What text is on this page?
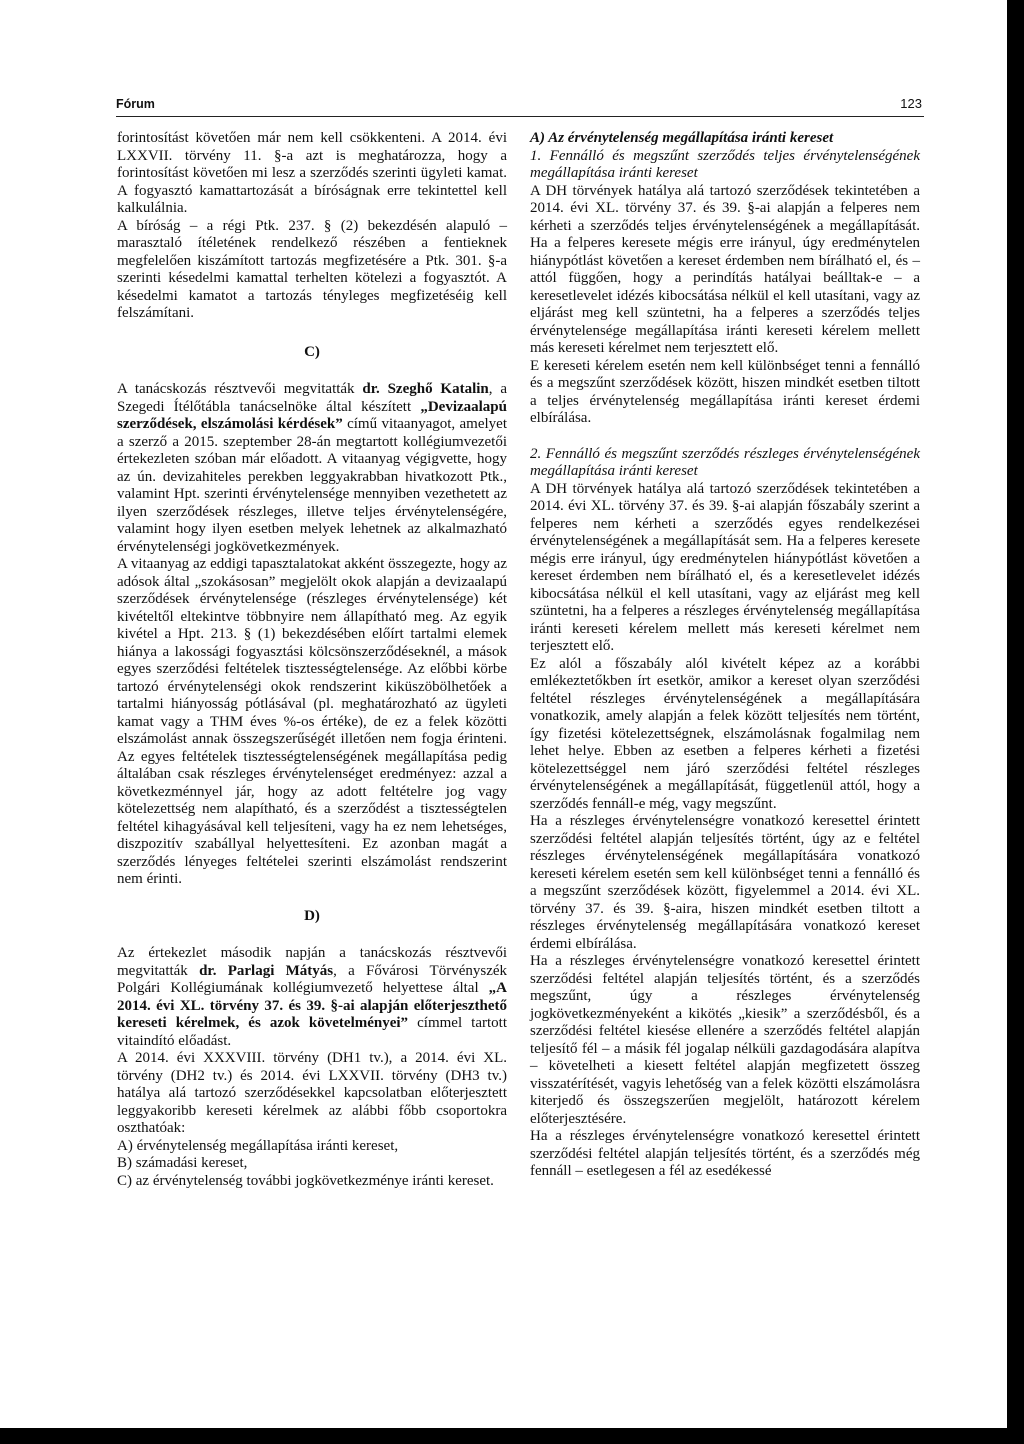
Fórum	123

forintosítást követően már nem kell csökkenteni. A 2014. évi LXXVII. törvény 11. §-a azt is meghatározza, hogy a forintosítást követően mi lesz a szerződés szerinti ügyleti kamat. A fogyasztó kamattartozását a bíróságnak erre tekintettel kell kalkulálnia.

A bíróság – a régi Ptk. 237. § (2) bekezdésén alapuló – marasztaló ítéletének rendelkező részében a fentieknek megfelelően kiszámított tartozás megfizetésére a Ptk. 301. §-a szerinti késedelmi kamattal terhelten kötelezi a fogyasztót. A késedelmi kamatot a tartozás tényleges megfizetéséig kell felszámítani.

C)

A tanácskozás résztvevői megvitatták dr. Szeghő Katalin, a Szegedi Ítélőtábla tanácselnöke által készített „Devizaalapú szerződések, elszámolási kérdések” című vitaanyagot, amelyet a szerző a 2015. szeptember 28-án megtartott kollégiumvezetői értekezleten szóban már előadott. A vitaanyag végigvette, hogy az ún. devizahiteles perekben leggyakrabban hivatkozott Ptk., valamint Hpt. szerinti érvénytelensége mennyiben vezethetett az ilyen szerződések részleges, illetve teljes érvénytelenségére, valamint hogy ilyen esetben melyek lehetnek az alkalmazható érvénytelenségi jogkövetkezmények.

A vitaanyag az eddigi tapasztalatokat akként összegezte, hogy az adósok által „szokásosan” megjelölt okok alapján a devizaalapú szerződések érvénytelensége (részleges érvénytelensége) két kivételtől eltekintve többnyire nem állapítható meg. Az egyik kivétel a Hpt. 213. § (1) bekezdésében előírt tartalmi elemek hiánya a lakossági fogyasztási kölcsönszerződéseknél, a mások egyes szerződési feltételek tisztességtelensége. Az előbbi körbe tartozó érvénytelenségi okok rendszerint kiküszöbölhetőek a tartalmi hiányosság pótlásával (pl. meghatározható az ügyleti kamat vagy a THM éves %-os értéke), de ez a felek közötti elszámolást annak összegszerűségét illetően nem fogja érinteni. Az egyes feltételek tisztességtelenségének megállapítása pedig általában csak részleges érvénytelenséget eredményez: azzal a következménnyel jár, hogy az adott feltételre jog vagy kötelezettség nem alapítható, és a szerződést a tisztességtelen feltétel kihagyásával kell teljesíteni, vagy ha ez nem lehetséges, diszpozitív szabállyal helyettesíteni. Ez azonban magát a szerződés lényeges feltételei szerinti elszámolást rendszerint nem érinti.

D)

Az értekezlet második napján a tanácskozás résztvevői megvitatták dr. Parlagi Mátyás, a Fővárosi Törvényszék Polgári Kollégiumának kollégiumvezető helyettese által „A 2014. évi XL. törvény 37. és 39. §-ai alapján előterjeszthető kereseti kérelmek, és azok követelményei” címmel tartott vitaindító előadást.

A 2014. évi XXXVIII. törvény (DH1 tv.), a 2014. évi XL. törvény (DH2 tv.) és 2014. évi LXXVII. törvény (DH3 tv.) hatálya alá tartozó szerződésekkel kapcsolatban előterjesztett leggyakoribb kereseti kérelmek az alábbi főbb csoportokra oszthatóak:

A) érvénytelenség megállapítása iránti kereset,

B) számadási kereset,

C) az érvénytelenség további jogkövetkezménye iránti kereset.

A) Az érvénytelenség megállapítása iránti kereset

1. Fennálló és megszűnt szerződés teljes érvénytelenségének megállapítása iránti kereset

A DH törvények hatálya alá tartozó szerződések tekintetében a 2014. évi XL. törvény 37. és 39. §-ai alapján a felperes nem kérheti a szerződés teljes érvénytelenségének a megállapítását. Ha a felperes keresete mégis erre irányul, úgy eredménytelen hiánypótlást követően a kereset érdemben nem bírálható el, és – attól függően, hogy a perindítás hatályai beálltak-e – a keresetlevelet idézés kibocsátása nélkül el kell utasítani, vagy az eljárást meg kell szüntetni, ha a felperes a szerződés teljes érvénytelensége megállapítása iránti kereseti kérelem mellett más kereseti kérelmet nem terjesztett elő.

E kereseti kérelem esetén nem kell különbséget tenni a fennálló és a megszűnt szerződések között, hiszen mindkét esetben tiltott a teljes érvénytelenség megállapítása iránti kereset érdemi elbírálása.

2. Fennálló és megszűnt szerződés részleges érvénytelenségének megállapítása iránti kereset

A DH törvények hatálya alá tartozó szerződések tekintetében a 2014. évi XL. törvény 37. és 39. §-ai alapján főszabály szerint a felperes nem kérheti a szerződés egyes rendelkezései érvénytelenségének a megállapítását sem. Ha a felperes keresete mégis erre irányul, úgy eredménytelen hiánypótlást követően a kereset érdemben nem bírálható el, és a keresetlevelet idézés kibocsátása nélkül el kell utasítani, vagy az eljárást meg kell szüntetni, ha a felperes a részleges érvénytelenség megállapítása iránti kereseti kérelem mellett más kereseti kérelmet nem terjesztett elő.

Ez alól a főszabály alól kivételt képez az a korábbi emlékeztetőkben írt esetkör, amikor a kereset olyan szerződési feltétel részleges érvénytelenségének a megállapítására vonatkozik, amely alapján a felek között teljesítés nem történt, így fizetési kötelezettségnek, elszámolásnak fogalmilag nem lehet helye. Ebben az esetben a felperes kérheti a fizetési kötelezettséggel nem járó szerződési feltétel részleges érvénytelenségének a megállapítását, függetlenül attól, hogy a szerződés fennáll-e még, vagy megszűnt.

Ha a részleges érvénytelenségre vonatkozó keresettel érintett szerződési feltétel alapján teljesítés történt, úgy az e feltétel részleges érvénytelenségének megállapítására vonatkozó kereseti kérelem esetén sem kell különbséget tenni a fennálló és a megszűnt szerződések között, figyelemmel a 2014. évi XL. törvény 37. és 39. §-aira, hiszen mindkét esetben tiltott a részleges érvénytelenség megállapítására vonatkozó kereset érdemi elbírálása.

Ha a részleges érvénytelenségre vonatkozó keresettel érintett szerződési feltétel alapján teljesítés történt, és a szerződés megszűnt, úgy a részleges érvénytelenség jogkövetkezményeként a kikötés „kiesik” a szerződésből, és a szerződési feltétel kiesése ellenére a szerződés feltétel alapján teljesítő fél – a másik fél jogalap nélküli gazdagodására alapítva – követelheti a kiesett feltétel alapján megfizetett összeg visszatérítését, vagyis lehetőség van a felek közötti elszámolásra kiterjedő és összegszerűen megjelölt, határozott kérelem előterjesztésére.

Ha a részleges érvénytelenségre vonatkozó keresettel érintett szerződési feltétel alapján teljesítés történt, és a szerződés még fennáll – esetlegesen a fél az esedékessé
